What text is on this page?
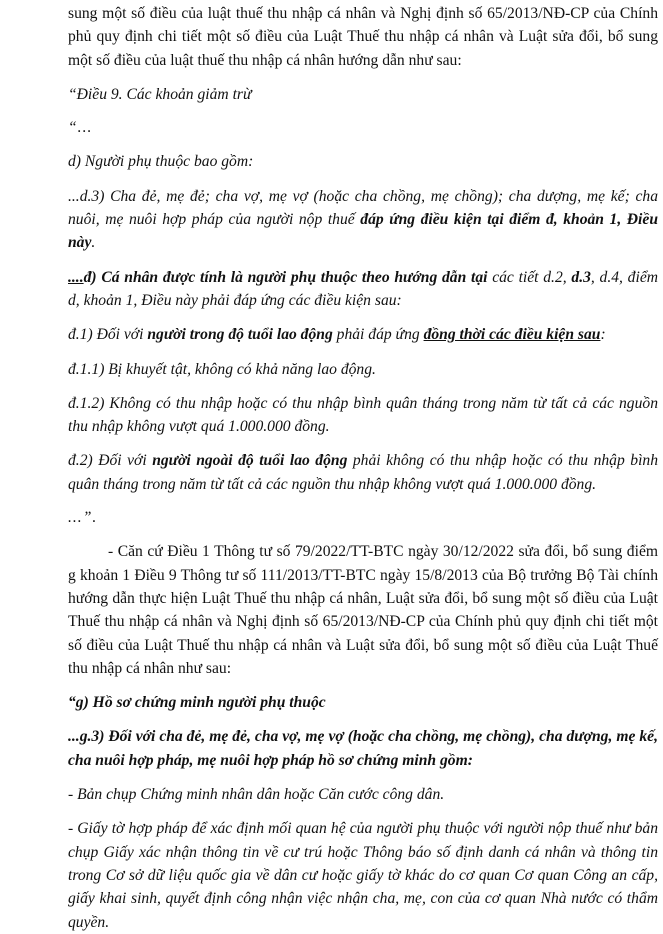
sung một số điều của luật thuế thu nhập cá nhân và Nghị định số 65/2013/NĐ-CP của Chính phủ quy định chi tiết một số điều của Luật Thuế thu nhập cá nhân và Luật sửa đổi, bổ sung một số điều của luật thuế thu nhập cá nhân hướng dẫn như sau:

“Điều 9. Các khoản giảm trừ

“...

d) Người phụ thuộc bao gồm:

...d.3) Cha đẻ, mẹ đẻ; cha vợ, mẹ vợ (hoặc cha chồng, mẹ chồng); cha dượng, mẹ kế; cha nuôi, mẹ nuôi hợp pháp của người nộp thuế đáp ứng điều kiện tại điểm đ, khoản 1, Điều này.

....đ) Cá nhân được tính là người phụ thuộc theo hướng dẫn tại các tiết d.2, d.3, d.4, điểm d, khoản 1, Điều này phải đáp ứng các điều kiện sau:

đ.1) Đối với người trong độ tuổi lao động phải đáp ứng đồng thời các điều kiện sau:

đ.1.1) Bị khuyết tật, không có khả năng lao động.

đ.1.2) Không có thu nhập hoặc có thu nhập bình quân tháng trong năm từ tất cả các nguồn thu nhập không vượt quá 1.000.000 đồng.

đ.2) Đối với người ngoài độ tuổi lao động phải không có thu nhập hoặc có thu nhập bình quân tháng trong năm từ tất cả các nguồn thu nhập không vượt quá 1.000.000 đồng.

...”.

- Căn cứ Điều 1 Thông tư số 79/2022/TT-BTC ngày 30/12/2022 sửa đổi, bổ sung điểm g khoản 1 Điều 9 Thông tư số 111/2013/TT-BTC ngày 15/8/2013 của Bộ trưởng Bộ Tài chính hướng dẫn thực hiện Luật Thuế thu nhập cá nhân, Luật sửa đổi, bổ sung một số điều của Luật Thuế thu nhập cá nhân và Nghị định số 65/2013/NĐ-CP của Chính phủ quy định chi tiết một số điều của Luật Thuế thu nhập cá nhân và Luật sửa đổi, bổ sung một số điều của Luật Thuế thu nhập cá nhân như sau:

“g) Hồ sơ chứng minh người phụ thuộc

...g.3) Đối với cha đẻ, mẹ đẻ, cha vợ, mẹ vợ (hoặc cha chồng, mẹ chồng), cha dượng, mẹ kế, cha nuôi hợp pháp, mẹ nuôi hợp pháp hồ sơ chứng minh gồm:

- Bản chụp Chứng minh nhân dân hoặc Căn cước công dân.

- Giấy tờ hợp pháp để xác định mối quan hệ của người phụ thuộc với người nộp thuế như bản chụp Giấy xác nhận thông tin về cư trú hoặc Thông báo số định danh cá nhân và thông tin trong Cơ sở dữ liệu quốc gia về dân cư hoặc giấy tờ khác do cơ quan Cơ quan Công an cấp, giấy khai sinh, quyết định công nhận việc nhận cha, mẹ, con của cơ quan Nhà nước có thẩm quyền.
